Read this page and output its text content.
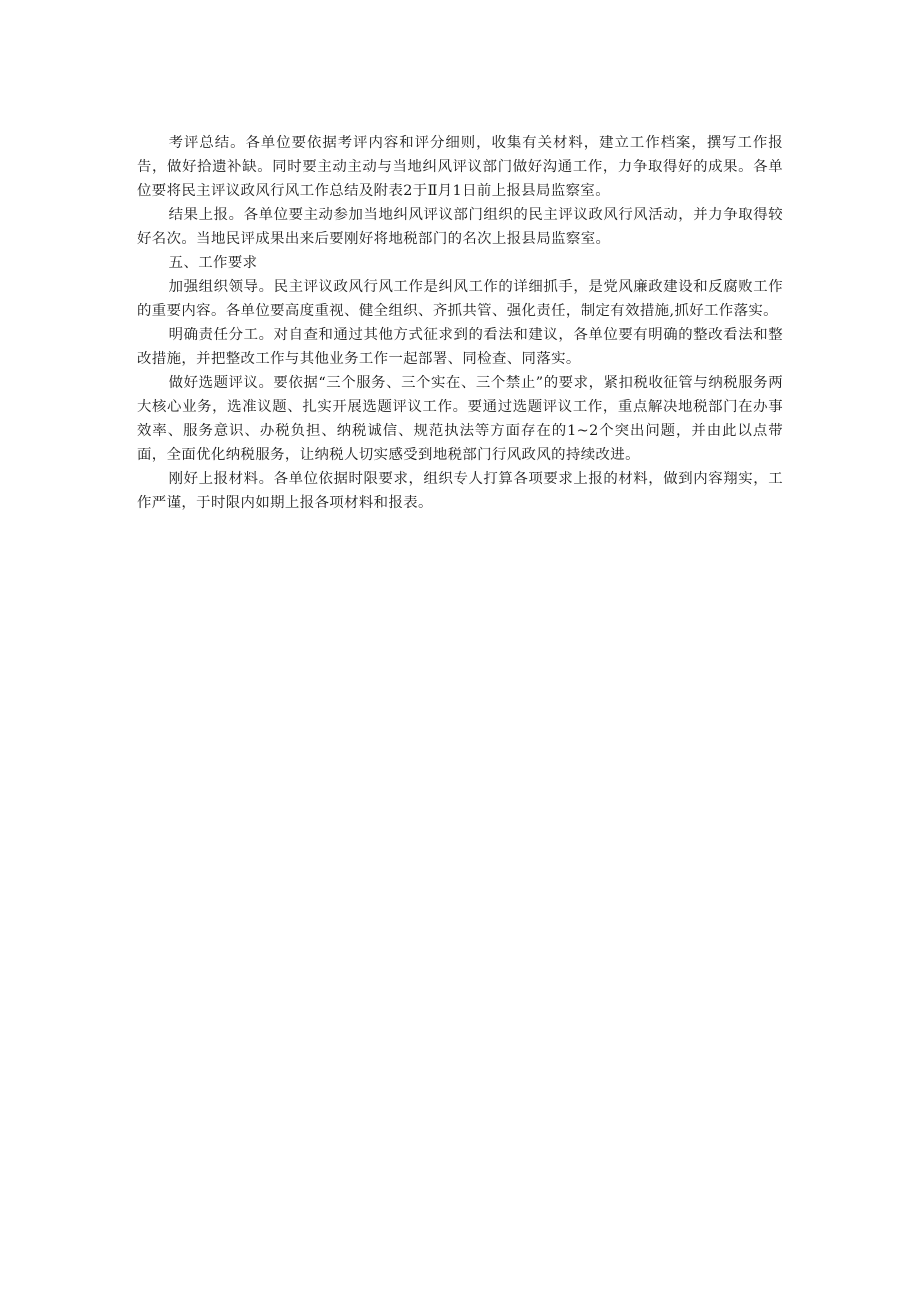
考评总结。各单位要依据考评内容和评分细则，收集有关材料，建立工作档案，撰写工作报告，做好拾遗补缺。同时要主动主动与当地纠风评议部门做好沟通工作，力争取得好的成果。各单位要将民主评议政风行风工作总结及附表2于Ⅱ月1日前上报县局监察室。

结果上报。各单位要主动参加当地纠风评议部门组织的民主评议政风行风活动，并力争取得较好名次。当地民评成果出来后要刚好将地税部门的名次上报县局监察室。

五、工作要求

加强组织领导。民主评议政风行风工作是纠风工作的详细抓手，是党风廉政建设和反腐败工作的重要内容。各单位要高度重视、健全组织、齐抓共管、强化责任，制定有效措施,抓好工作落实。

明确责任分工。对自查和通过其他方式征求到的看法和建议，各单位要有明确的整改看法和整改措施，并把整改工作与其他业务工作一起部署、同检查、同落实。

做好选题评议。要依据“三个服务、三个实在、三个禁止”的要求，紧扣税收征管与纳税服务两大核心业务，选准议题、扎实开展选题评议工作。要通过选题评议工作，重点解决地税部门在办事效率、服务意识、办税负担、纳税诚信、规范执法等方面存在的1~2个突出问题，并由此以点带面，全面优化纳税服务，让纳税人切实感受到地税部门行风政风的持续改进。

刚好上报材料。各单位依据时限要求，组织专人打算各项要求上报的材料，做到内容翔实，工作严谨，于时限内如期上报各项材料和报表。
